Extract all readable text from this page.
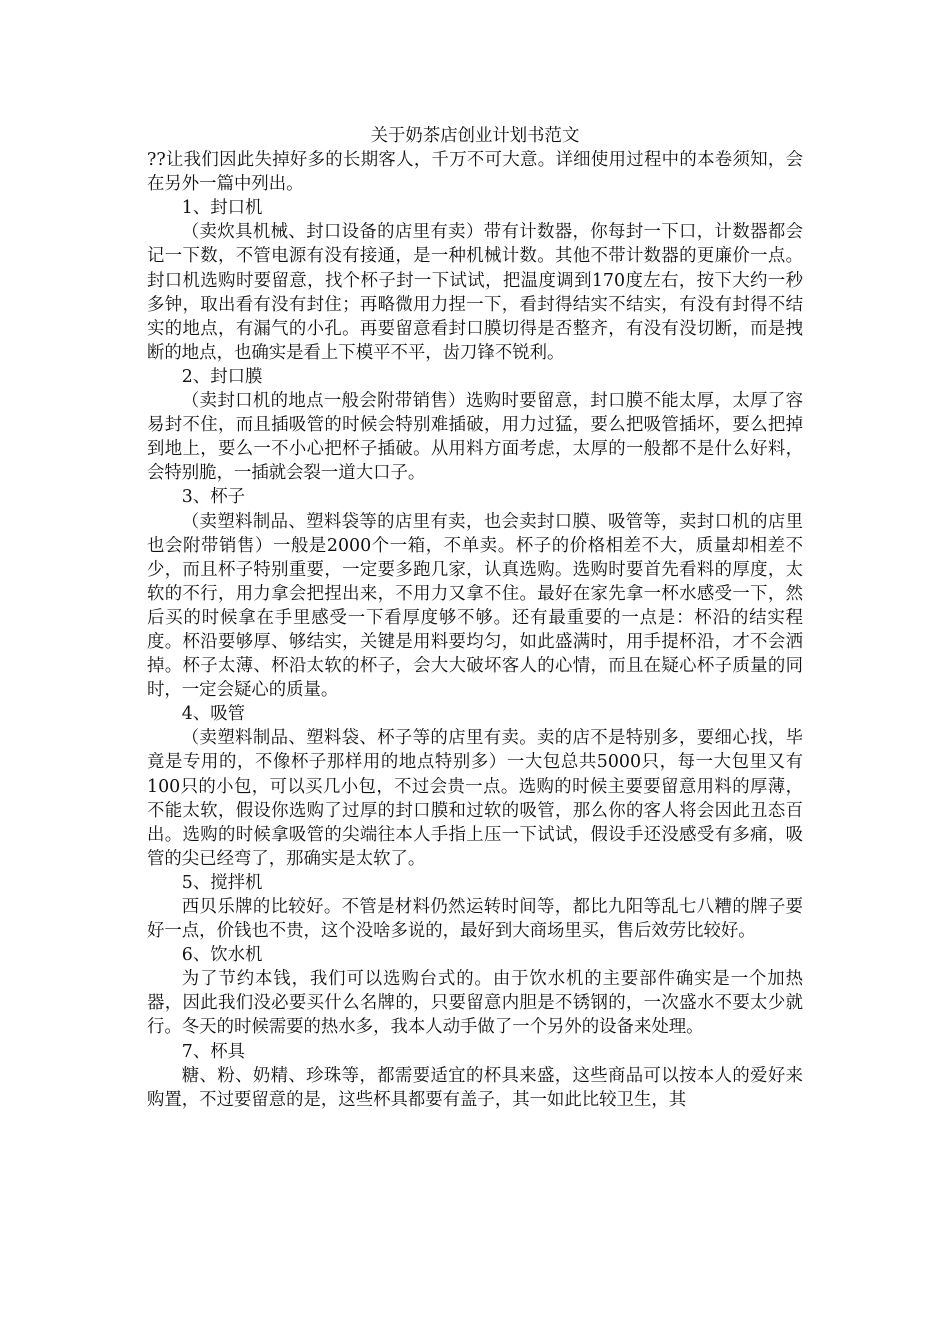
关于奶茶店创业计划书范文

??让我们因此失掉好多的长期客人，千万不可大意。详细使用过程中的本卷须知，会在另外一篇中列出。

1、封口机

（卖炊具机械、封口设备的店里有卖）带有计数器，你每封一下口，计数器都会记一下数，不管电源有没有接通，是一种机械计数。其他不带计数器的更廉价一点。封口机选购时要留意，找个杯子封一下试试，把温度调到170度左右，按下大约一秒多钟，取出看有没有封住；再略微用力捏一下，看封得结实不结实，有没有封得不结实的地点，有漏气的小孔。再要留意看封口膜切得是否整齐，有没有没切断，而是拽断的地点，也确实是看上下模平不平，齿刀锋不锐利。

2、封口膜

（卖封口机的地点一般会附带销售）选购时要留意，封口膜不能太厚，太厚了容易封不住，而且插吸管的时候会特别难插破，用力过猛，要么把吸管插坏，要么把掉到地上，要么一不小心把杯子插破。从用料方面考虑，太厚的一般都不是什么好料，会特别脆，一插就会裂一道大口子。

3、杯子

（卖塑料制品、塑料袋等的店里有卖，也会卖封口膜、吸管等，卖封口机的店里也会附带销售）一般是2000个一箱，不单卖。杯子的价格相差不大，质量却相差不少，而且杯子特别重要，一定要多跑几家，认真选购。选购时要首先看料的厚度，太软的不行，用力拿会把捏出来，不用力又拿不住。最好在家先拿一杯水感受一下，然后买的时候拿在手里感受一下看厚度够不够。还有最重要的一点是：杯沿的结实程度。杯沿要够厚、够结实，关键是用料要均匀，如此盛满时，用手提杯沿，才不会洒掉。杯子太薄、杯沿太软的杯子，会大大破坏客人的心情，而且在疑心杯子质量的同时，一定会疑心的质量。

4、吸管

（卖塑料制品、塑料袋、杯子等的店里有卖。卖的店不是特别多，要细心找，毕竟是专用的，不像杯子那样用的地点特别多）一大包总共5000只，每一大包里又有100只的小包，可以买几小包，不过会贵一点。选购的时候主要要留意用料的厚薄，不能太软，假设你选购了过厚的封口膜和过软的吸管，那么你的客人将会因此丑态百出。选购的时候拿吸管的尖端往本人手指上压一下试试，假设手还没感受有多痛，吸管的尖已经弯了，那确实是太软了。

5、搅拌机

西贝乐牌的比较好。不管是材料仍然运转时间等，都比九阳等乱七八糟的牌子要好一点，价钱也不贵，这个没啥多说的，最好到大商场里买，售后效劳比较好。

6、饮水机

为了节约本钱，我们可以选购台式的。由于饮水机的主要部件确实是一个加热器，因此我们没必要买什么名牌的，只要留意内胆是不锈钢的，一次盛水不要太少就行。冬天的时候需要的热水多，我本人动手做了一个另外的设备来处理。

7、杯具

糖、粉、奶精、珍珠等，都需要适宜的杯具来盛，这些商品可以按本人的爱好来购置，不过要留意的是，这些杯具都要有盖子，其一如此比较卫生，其
